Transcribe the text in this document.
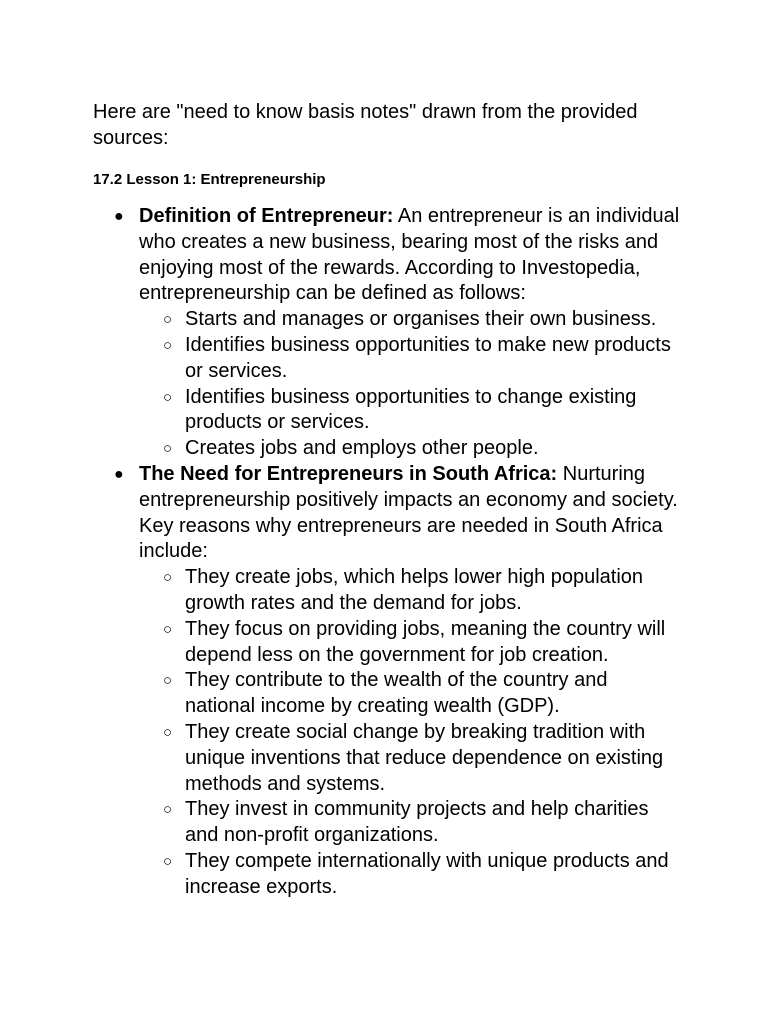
Here are "need to know basis notes" drawn from the provided sources:

17.2 Lesson 1: Entrepreneurship
● Definition of Entrepreneur: An entrepreneur is an individual who creates a new business, bearing most of the risks and enjoying most of the rewards. According to Investopedia, entrepreneurship can be defined as follows:
○ Starts and manages or organises their own business.
○ Identifies business opportunities to make new products or services.
○ Identifies business opportunities to change existing products or services.
○ Creates jobs and employs other people.
● The Need for Entrepreneurs in South Africa: Nurturing entrepreneurship positively impacts an economy and society. Key reasons why entrepreneurs are needed in South Africa include:
○ They create jobs, which helps lower high population growth rates and the demand for jobs.
○ They focus on providing jobs, meaning the country will depend less on the government for job creation.
○ They contribute to the wealth of the country and national income by creating wealth (GDP).
○ They create social change by breaking tradition with unique inventions that reduce dependence on existing methods and systems.
○ They invest in community projects and help charities and non-profit organizations.
○ They compete internationally with unique products and increase exports.
